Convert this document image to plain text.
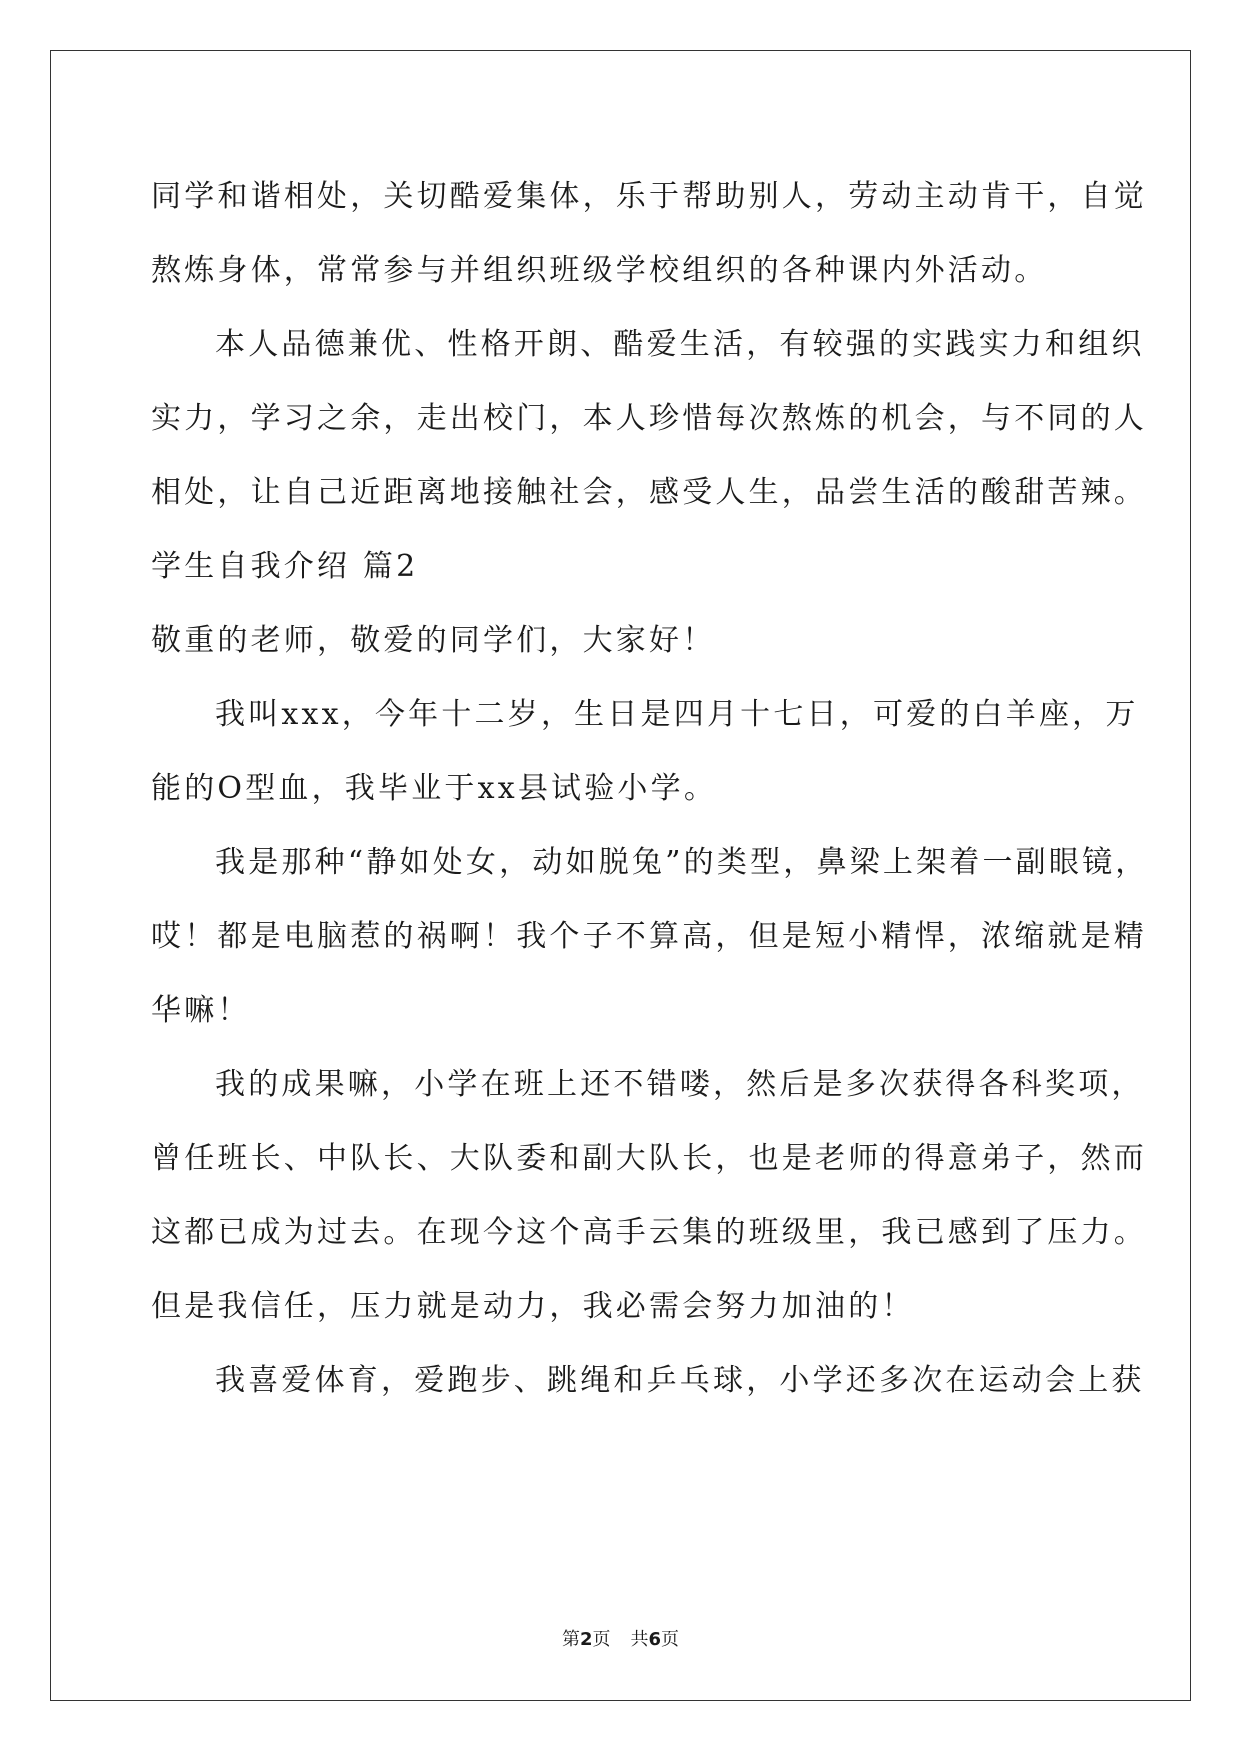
同学和谐相处，关切酷爱集体，乐于帮助别人，劳动主动肯干，自觉
熬炼身体，常常参与并组织班级学校组织的各种课内外活动。
本人品德兼优、性格开朗、酷爱生活，有较强的实践实力和组织
实力，学习之余，走出校门，本人珍惜每次熬炼的机会，与不同的人
相处，让自己近距离地接触社会，感受人生，品尝生活的酸甜苦辣。
学生自我介绍 篇2
敬重的老师，敬爱的同学们，大家好！
我叫xxx，今年十二岁，生日是四月十七日，可爱的白羊座，万
能的O型血，我毕业于xx县试验小学。
我是那种“静如处女，动如脱兔”的类型，鼻梁上架着一副眼镜，
哎！都是电脑惹的祸啊！我个子不算高，但是短小精悍，浓缩就是精
华嘛！
我的成果嘛，小学在班上还不错喽，然后是多次获得各科奖项，
曾任班长、中队长、大队委和副大队长，也是老师的得意弟子，然而
这都已成为过去。在现今这个高手云集的班级里，我已感到了压力。
但是我信任，压力就是动力，我必需会努力加油的！
我喜爱体育，爱跑步、跳绳和乒乓球，小学还多次在运动会上获
第2页 共6页
